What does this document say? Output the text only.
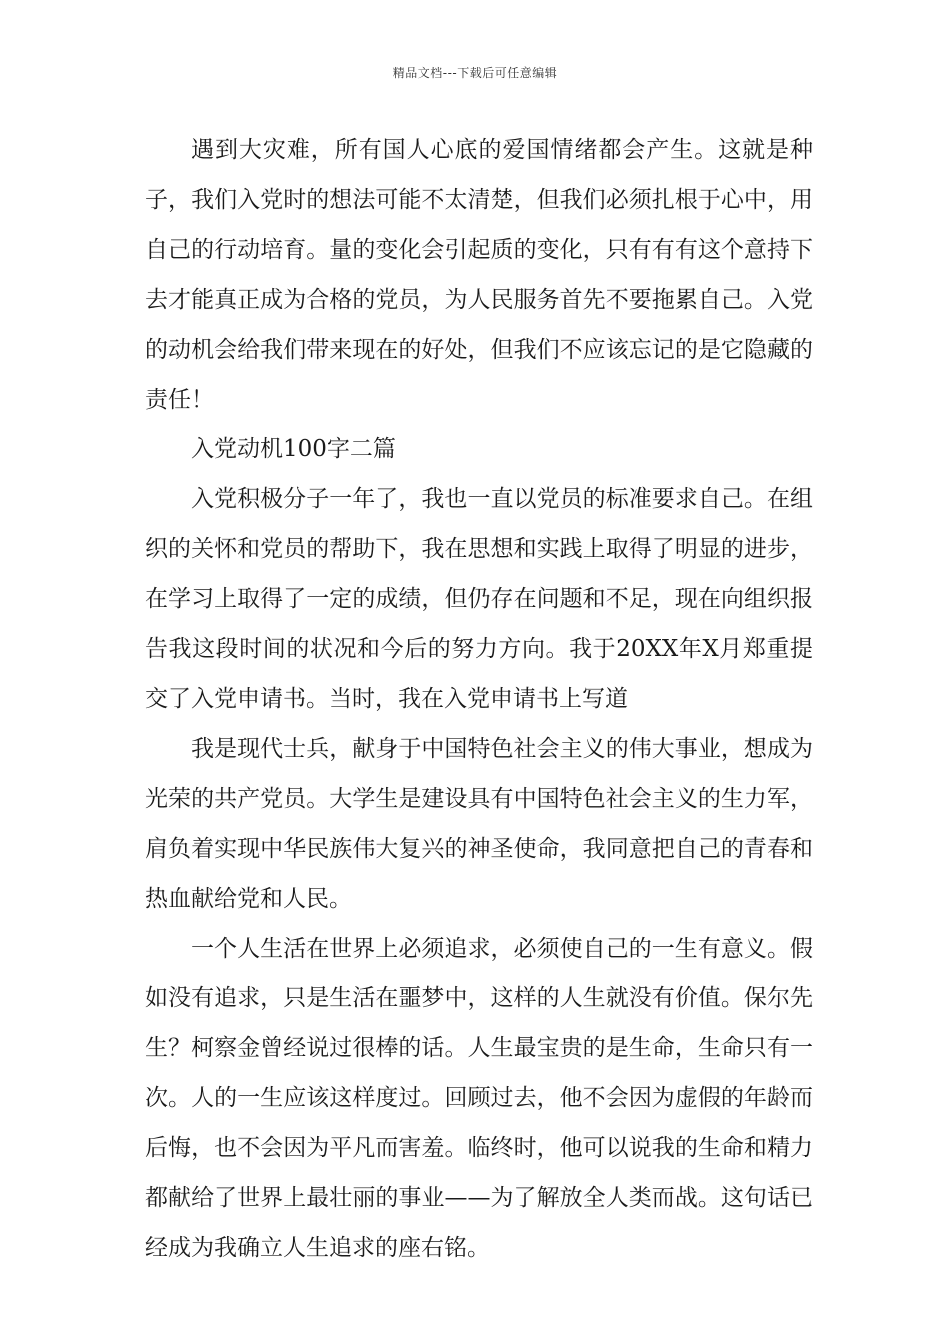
精品文档---下载后可任意编辑

遇到大灾难，所有国人心底的爱国情绪都会产生。这就是种子，我们入党时的想法可能不太清楚，但我们必须扎根于心中，用自己的行动培育。量的变化会引起质的变化，只有有有这个意持下去才能真正成为合格的党员，为人民服务首先不要拖累自己。入党的动机会给我们带来现在的好处，但我们不应该忘记的是它隐藏的责任！

入党动机100字二篇

入党积极分子一年了，我也一直以党员的标准要求自己。在组织的关怀和党员的帮助下，我在思想和实践上取得了明显的进步，在学习上取得了一定的成绩，但仍存在问题和不足，现在向组织报告我这段时间的状况和今后的努力方向。我于20XX年X月郑重提交了入党申请书。当时，我在入党申请书上写道

我是现代士兵，献身于中国特色社会主义的伟大事业，想成为光荣的共产党员。大学生是建设具有中国特色社会主义的生力军，肩负着实现中华民族伟大复兴的神圣使命，我同意把自己的青春和热血献给党和人民。

一个人生活在世界上必须追求，必须使自己的一生有意义。假如没有追求，只是生活在噩梦中，这样的人生就没有价值。保尔先生？柯察金曾经说过很棒的话。人生最宝贵的是生命，生命只有一次。人的一生应该这样度过。回顾过去，他不会因为虚假的年龄而后悔，也不会因为平凡而害羞。临终时，他可以说我的生命和精力都献给了世界上最壮丽的事业——为了解放全人类而战。这句话已经成为我确立人生追求的座右铭。
